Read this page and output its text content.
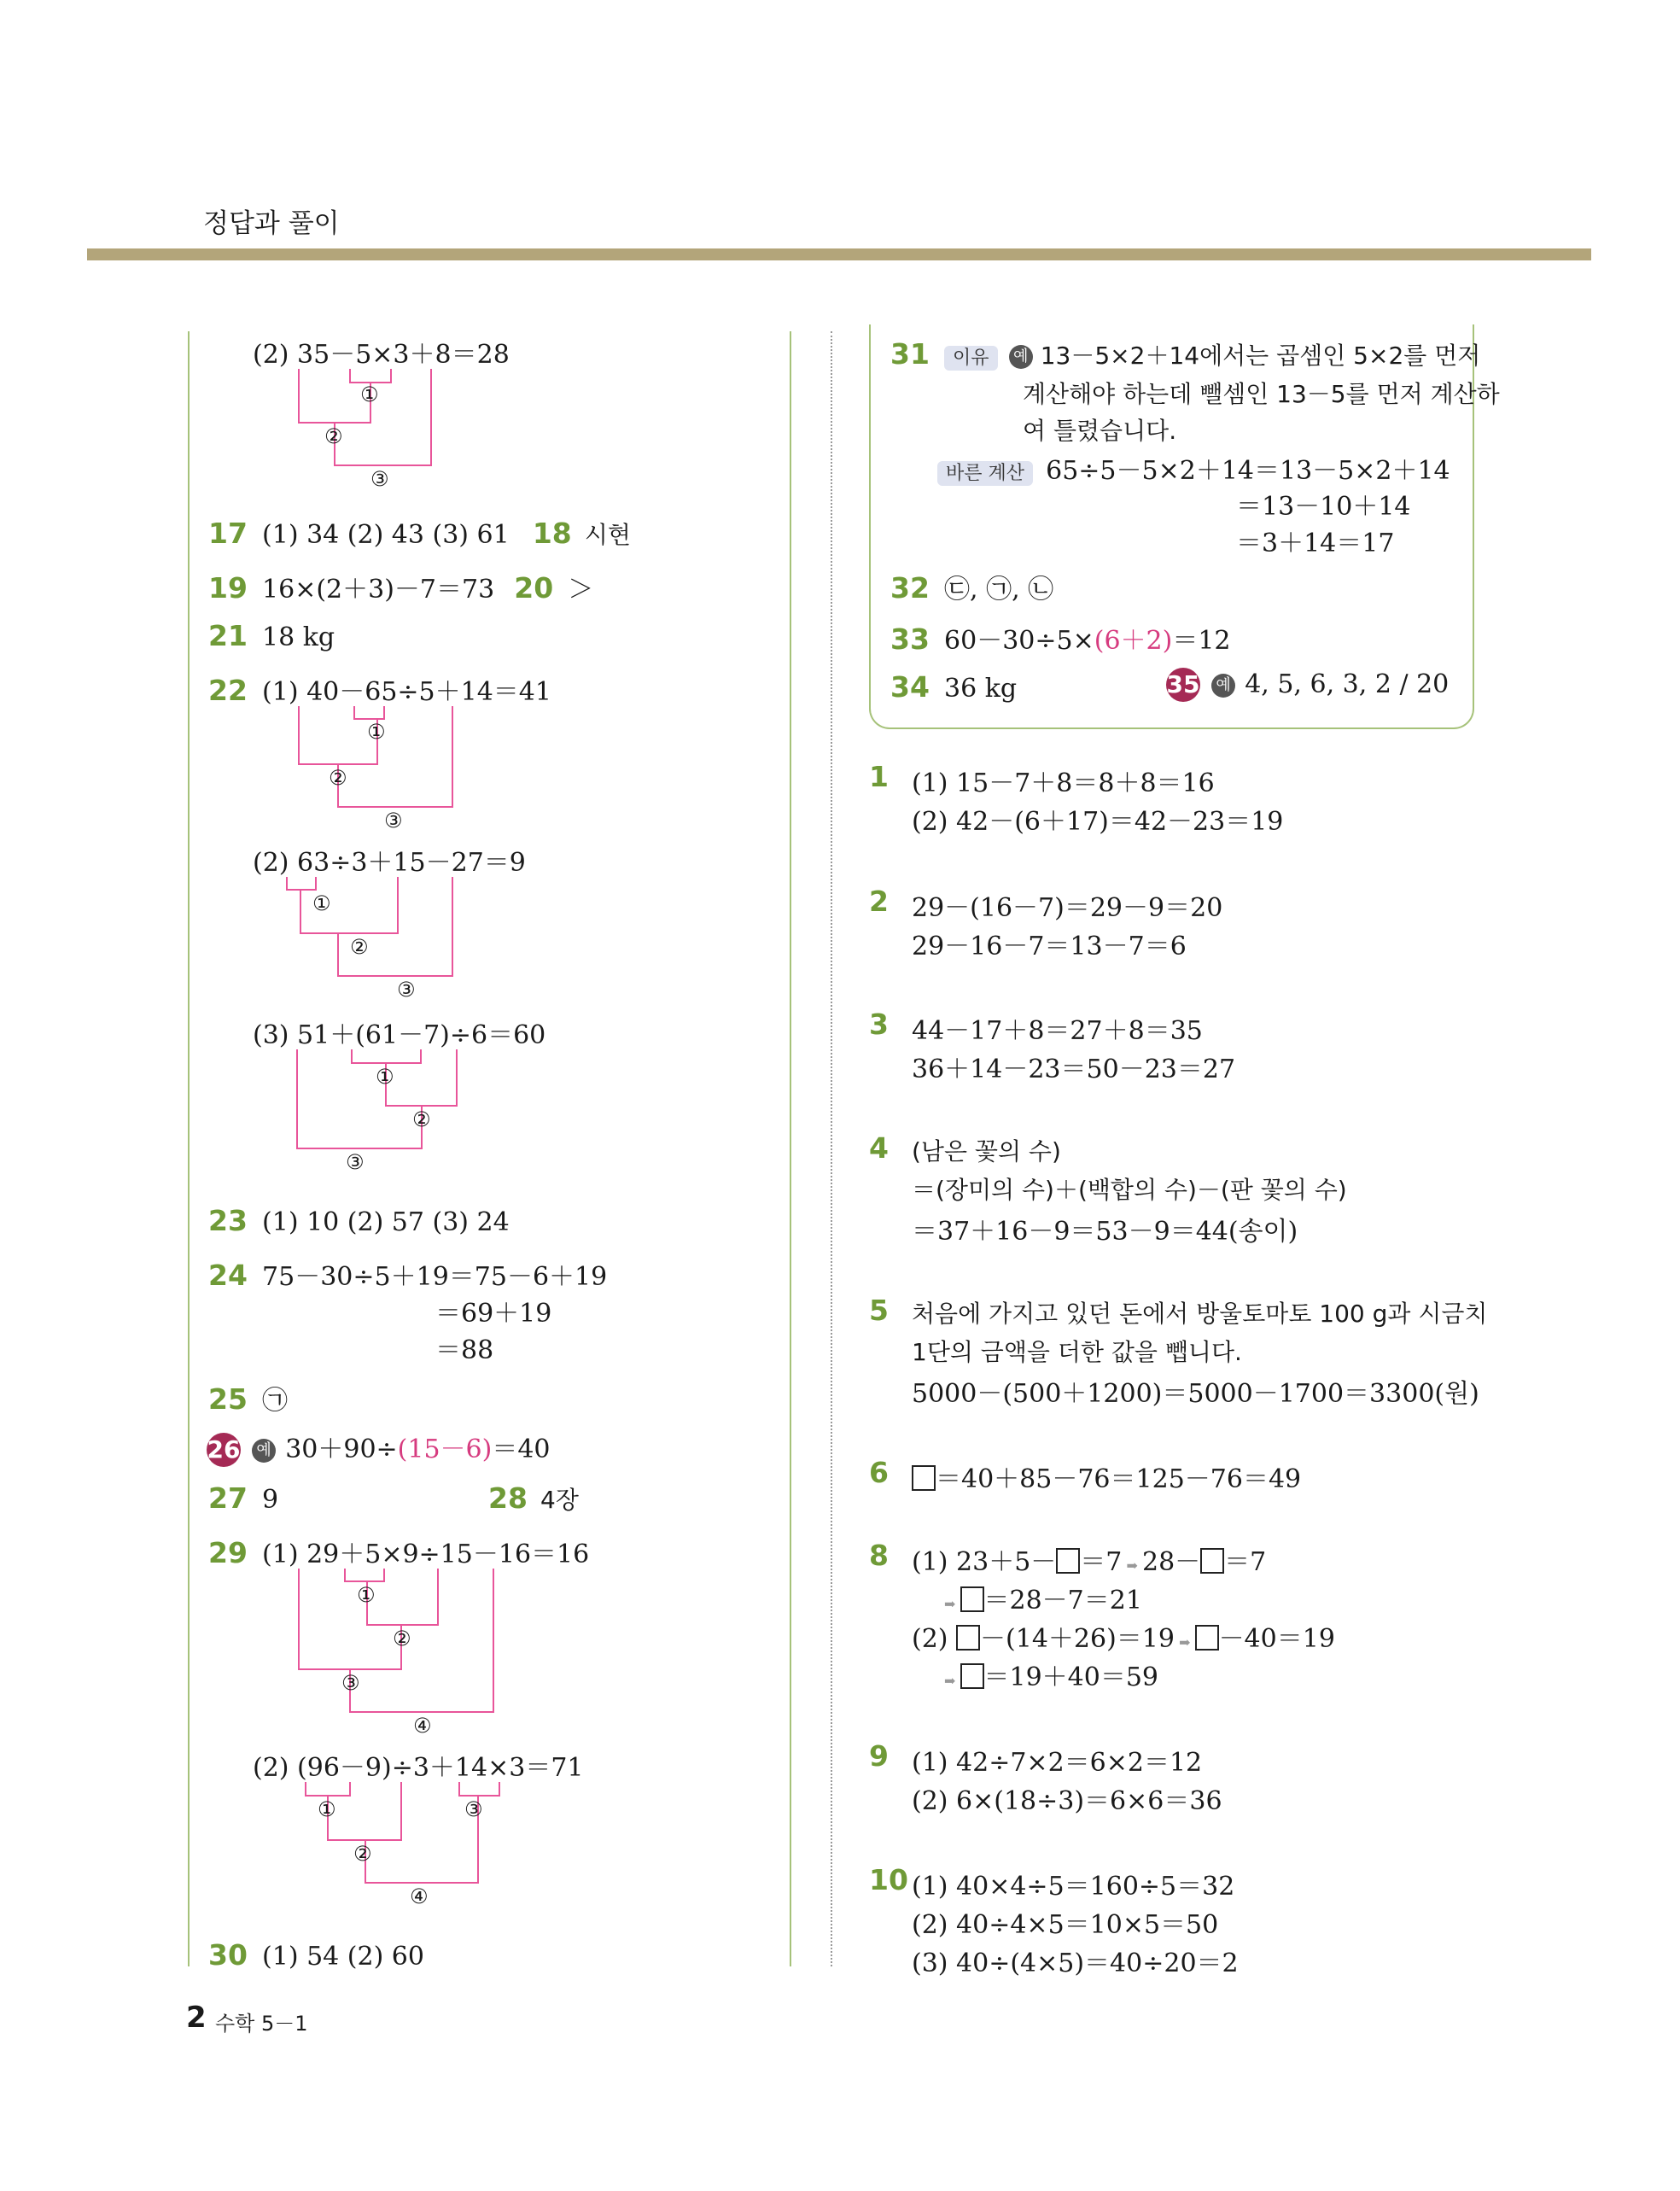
정답과 풀이
(2) 35－5×3＋8＝28
17 (1) 34 (2) 43 (3) 61 18 시현
19 16×(2＋3)－7＝73 20 ＞
21 18 kg
22 (1) 40－65÷5＋14＝41
(2) 63÷3＋15－27＝9
(3) 51＋(61－7)÷6＝60
23 (1) 10 (2) 57 (3) 24
24 75－30÷5＋19＝75－6＋19
＝69＋19
＝88
25 ㉠
26 예 30＋90÷(15－6)＝40
27 9	28 4장
29 (1) 29＋5×9÷15－16＝16
(2) (96－9)÷3＋14×3＝71
30 (1) 54 (2) 60
①
②
③
①
②
③
①
②
③
①
②
③
①
②
③
④
①	③
②
④
31 이유 예 13－5×2＋14에서는 곱셈인 5×2를 먼저
계산해야 하는데 뺄셈인 13－5를 먼저 계산하
여 틀렸습니다.
바른 계산 65÷5－5×2＋14＝13－5×2＋14
＝13－10＋14
＝3＋14＝17
32 ㉢, ㉠, ㉡
33 60－30÷5×(6＋2)＝12
34 36 kg	35 예 4, 5, 6, 3, 2 / 20
1 (1) 15－7＋8＝8＋8＝16
(2) 42－(6＋17)＝42－23＝19
2 29－(16－7)＝29－9＝20
29－16－7＝13－7＝6
3 44－17＋8＝27＋8＝35
36＋14－23＝50－23＝27
4 (남은 꽃의 수)
＝(장미의 수)＋(백합의 수)－(판 꽃의 수)
＝37＋16－9＝53－9＝44(송이)
5 처음에 가지고 있던 돈에서 방울토마토 100 g과 시금치
1단의 금액을 더한 값을 뺍니다.
5000－(500＋1200)＝5000－1700＝3300(원)
6	＝40＋85－76＝125－76＝49
8 (1) 23＋5－ ＝7 ➡ 28－ ＝7
➡ ＝28－7＝21
(2) －(14＋26)＝19 ➡ －40＝19
➡ ＝19＋40＝59
9 (1) 42÷7×2＝6×2＝12
(2) 6×(18÷3)＝6×6＝36
10 (1) 40×4÷5＝160÷5＝32
(2) 40÷4×5＝10×5＝50
(3) 40÷(4×5)＝40÷20＝2
2 수학 5－1
